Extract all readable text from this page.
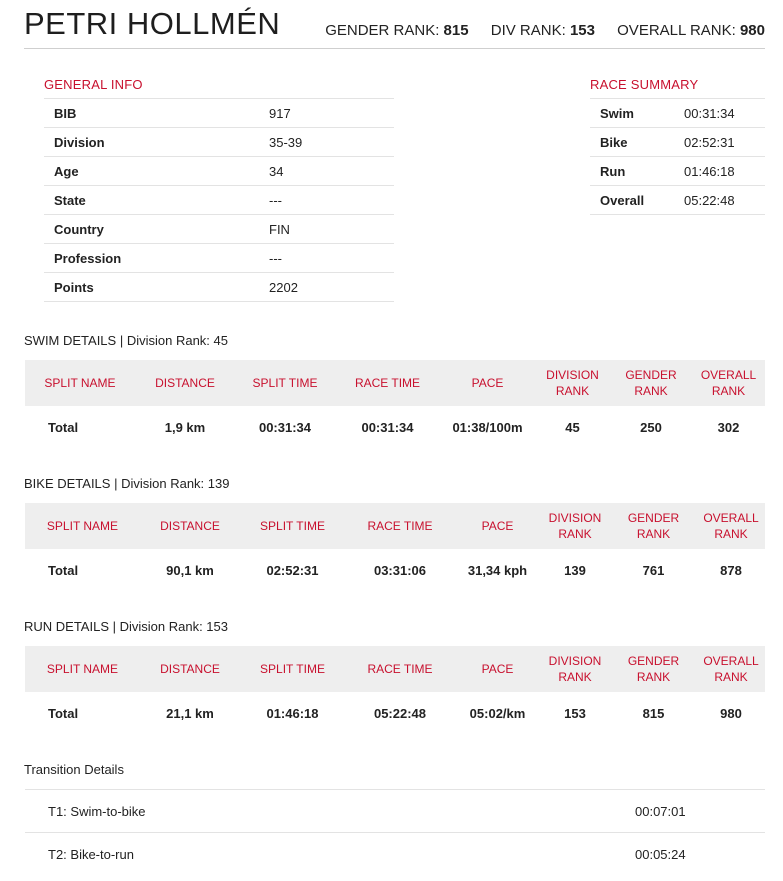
PETRI HOLLMÉN	GENDER RANK: 815 DIV RANK: 153 OVERALL RANK: 980
GENERAL INFO
BIB	917
Division	35-39
Age	34
State	---
Country	FIN
Profession	---
Points	2202
RACE SUMMARY
Swim	00:31:34
Bike	02:52:31
Run	01:46:18
Overall	05:22:48
SWIM DETAILS | Division Rank: 45
SPLIT NAME	DISTANCE	SPLIT TIME	RACE TIME	PACE	DIVISION RANK	GENDER RANK	OVERALL RANK
Total	1,9 km	00:31:34	00:31:34	01:38/100m	45	250	302
BIKE DETAILS | Division Rank: 139
SPLIT NAME	DISTANCE	SPLIT TIME	RACE TIME	PACE	DIVISION RANK	GENDER RANK	OVERALL RANK
Total	90,1 km	02:52:31	03:31:06	31,34 kph	139	761	878
RUN DETAILS | Division Rank: 153
SPLIT NAME	DISTANCE	SPLIT TIME	RACE TIME	PACE	DIVISION RANK	GENDER RANK	OVERALL RANK
Total	21,1 km	01:46:18	05:22:48	05:02/km	153	815	980
Transition Details
T1: Swim-to-bike	00:07:01
T2: Bike-to-run	00:05:24
